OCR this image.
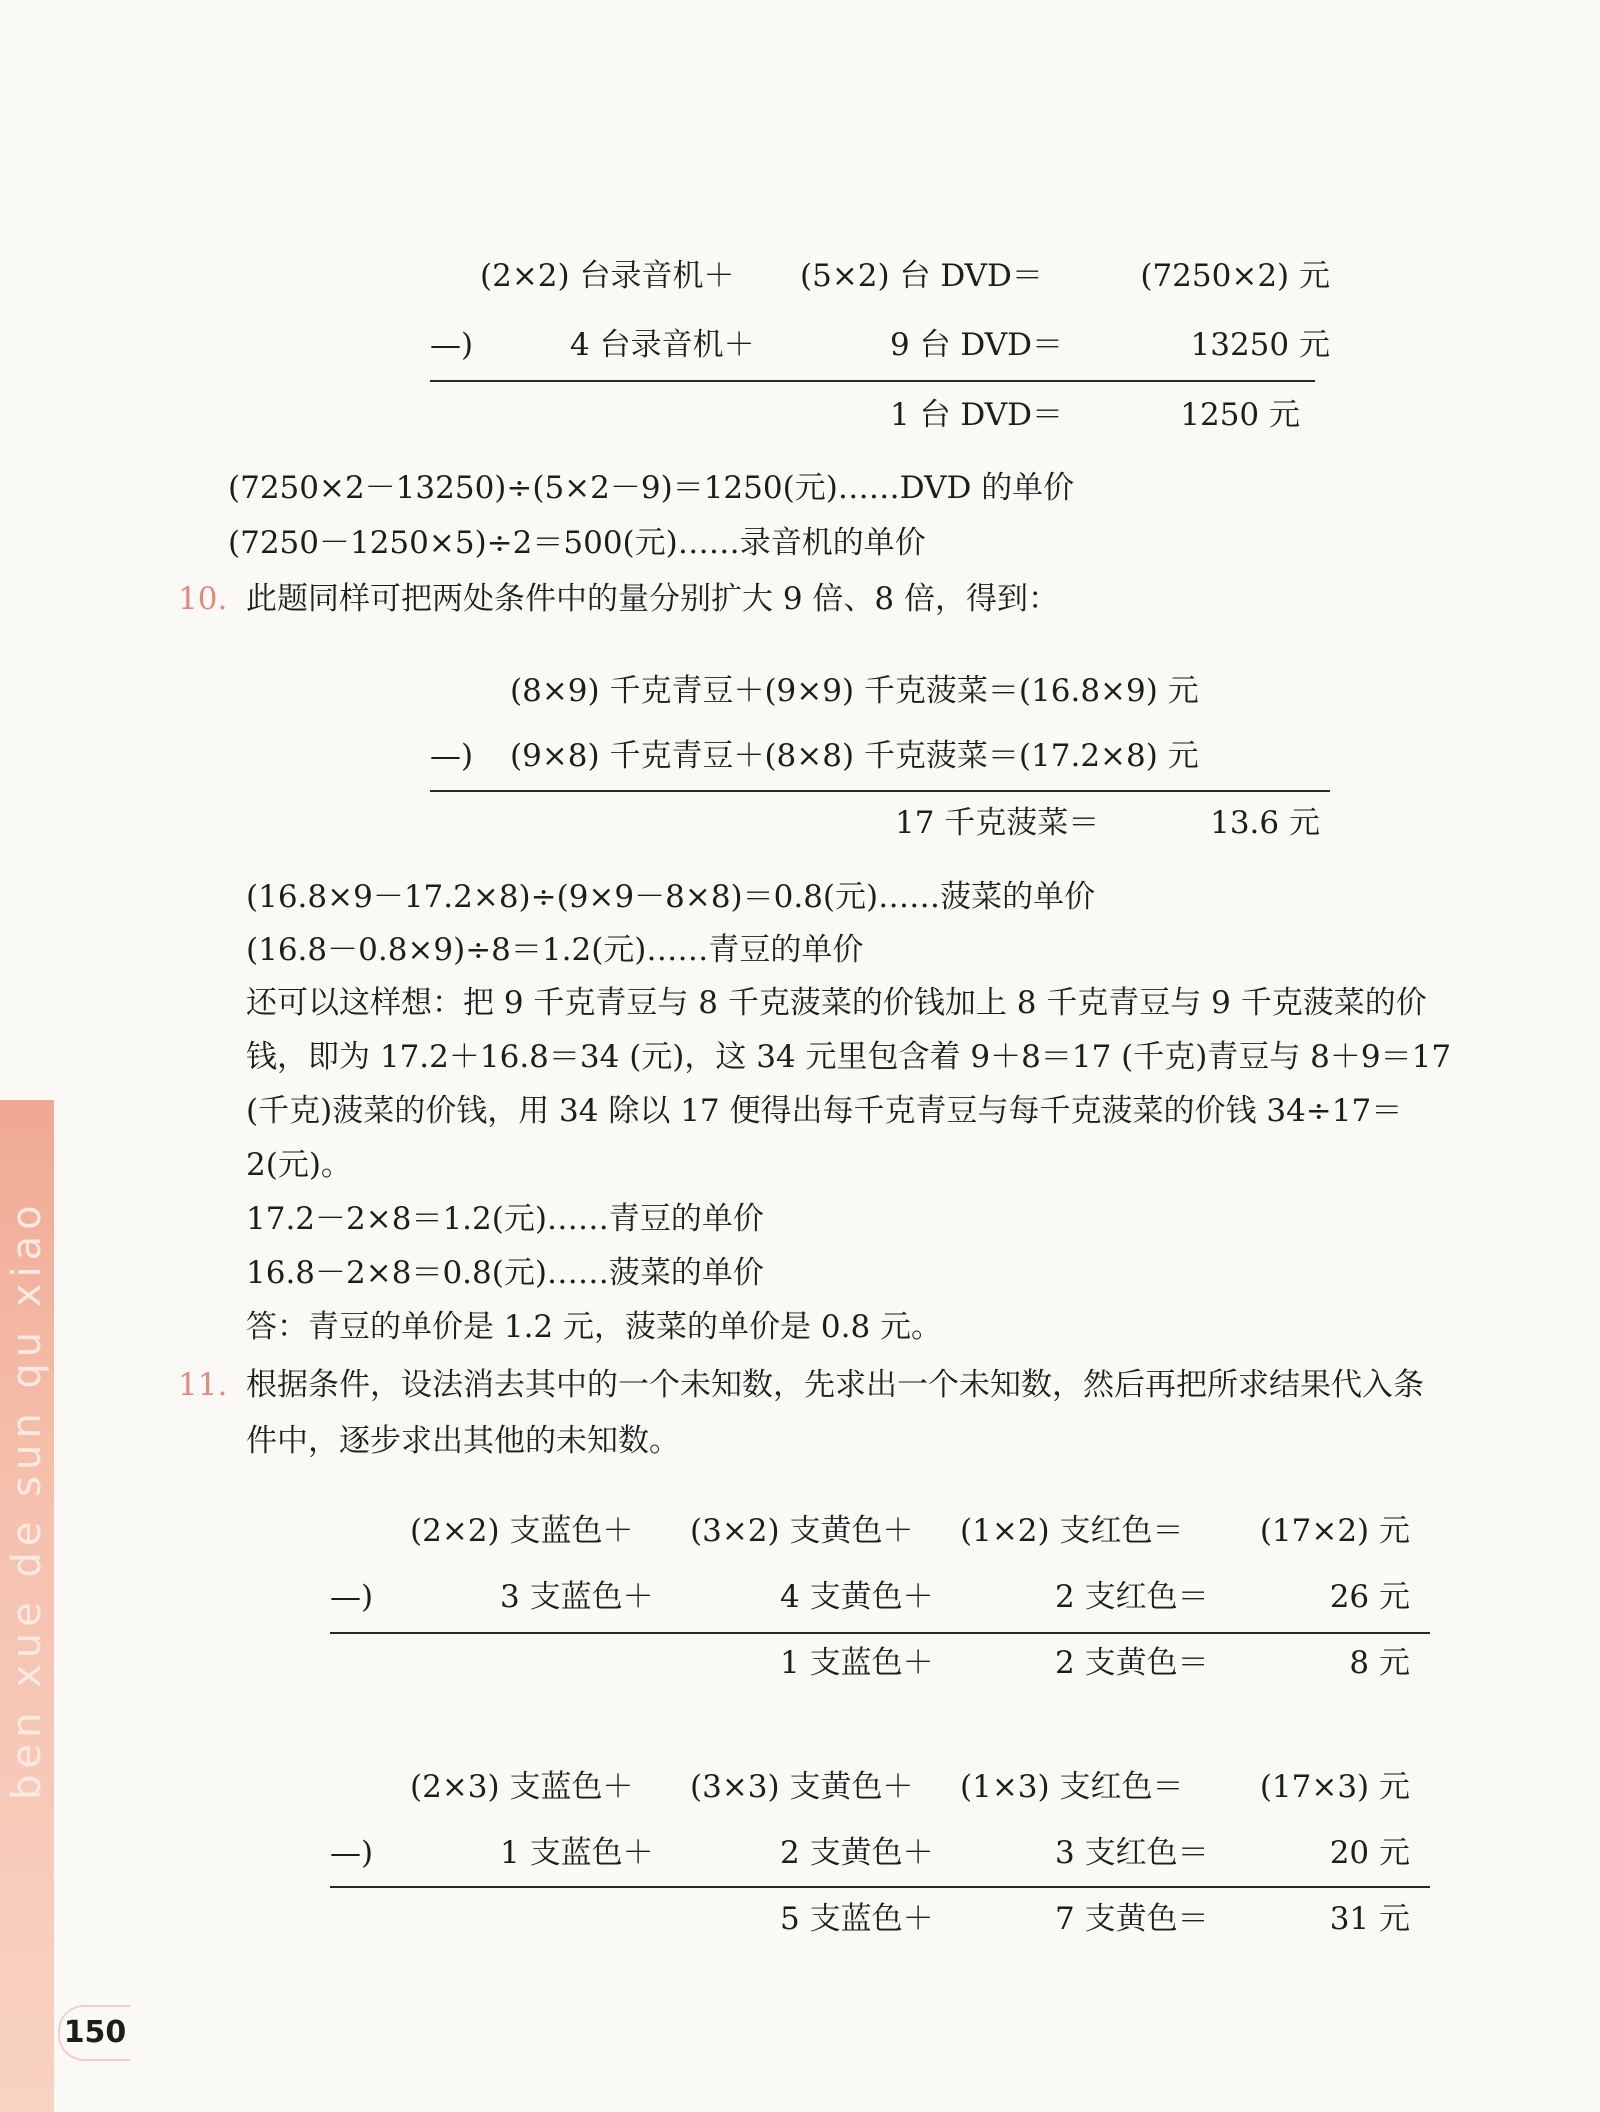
(2×2) 台录音机＋ (5×2) 台 DVD＝	(7250×2) 元
—)	4 台录音机＋	9 台 DVD＝	13250 元
1 台 DVD＝	1250 元
(7250×2－13250)÷(5×2－9)＝1250(元)……DVD 的单价
(7250－1250×5)÷2＝500(元)……录音机的单价
10. 此题同样可把两处条件中的量分别扩大 9 倍、8 倍，得到：
(8×9) 千克青豆＋(9×9) 千克菠菜＝(16.8×9) 元
—) (9×8) 千克青豆＋(8×8) 千克菠菜＝(17.2×8) 元
17 千克菠菜＝	13.6 元
(16.8×9－17.2×8)÷(9×9－8×8)＝0.8(元)……菠菜的单价
(16.8－0.8×9)÷8＝1.2(元)……青豆的单价
还可以这样想：把 9 千克青豆与 8 千克菠菜的价钱加上 8 千克青豆与 9 千克菠菜的价
钱，即为 17.2＋16.8＝34 (元)，这 34 元里包含着 9＋8＝17 (千克)青豆与 8＋9＝17
(千克)菠菜的价钱，用 34 除以 17 便得出每千克青豆与每千克菠菜的价钱 34÷17＝
2(元)。
17.2－2×8＝1.2(元)……青豆的单价
16.8－2×8＝0.8(元)……菠菜的单价
答：青豆的单价是 1.2 元，菠菜的单价是 0.8 元。
11. 根据条件，设法消去其中的一个未知数，先求出一个未知数，然后再把所求结果代入条
件中，逐步求出其他的未知数。
(2×2) 支蓝色＋ (3×2) 支黄色＋ (1×2) 支红色＝	(17×2) 元
—)	3 支蓝色＋	4 支黄色＋	2 支红色＝	26 元
1 支蓝色＋	2 支黄色＝	8 元
(2×3) 支蓝色＋ (3×3) 支黄色＋ (1×3) 支红色＝	(17×3) 元
—)	1 支蓝色＋	2 支黄色＋	3 支红色＝	20 元
5 支蓝色＋	7 支黄色＝	31 元
ben xue de sun qu xiao
150
